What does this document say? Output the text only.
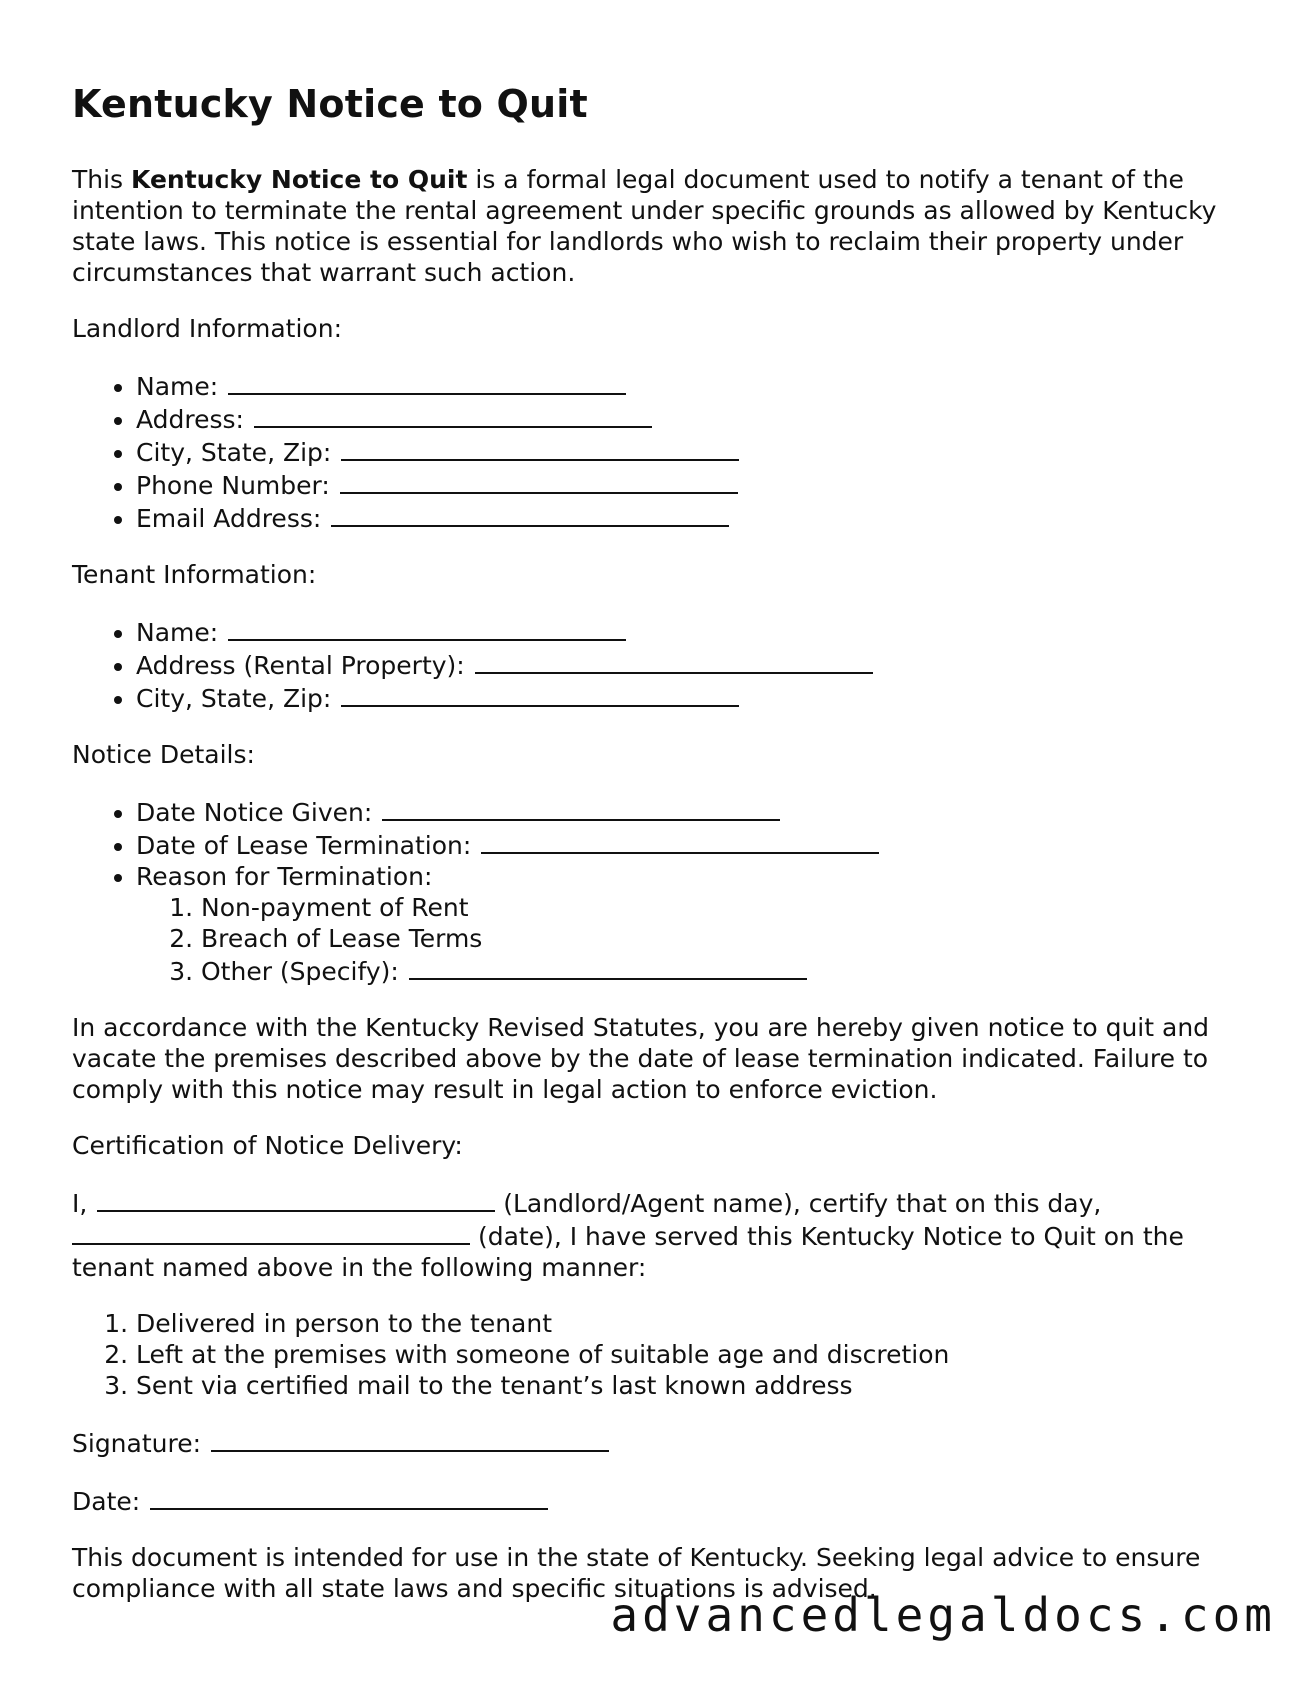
Kentucky Notice to Quit

This Kentucky Notice to Quit is a formal legal document used to notify a tenant of the intention to terminate the rental agreement under specific grounds as allowed by Kentucky state laws. This notice is essential for landlords who wish to reclaim their property under circumstances that warrant such action.

Landlord Information:
• Name:
• Address:
• City, State, Zip:
• Phone Number:
• Email Address:
Tenant Information:
• Name:
• Address (Rental Property):
• City, State, Zip:
Notice Details:
• Date Notice Given:
• Date of Lease Termination:
• Reason for Termination:
1. Non-payment of Rent
2. Breach of Lease Terms
3. Other (Specify):

In accordance with the Kentucky Revised Statutes, you are hereby given notice to quit and vacate the premises described above by the date of lease termination indicated. Failure to comply with this notice may result in legal action to enforce eviction.

Certification of Notice Delivery:

I,	(Landlord/Agent name), certify that on this day,  (date), I have served this Kentucky Notice to Quit on the tenant named above in the following manner:

1. Delivered in person to the tenant
2. Left at the premises with someone of suitable age and discretion
3. Sent via certified mail to the tenant’s last known address

Signature:

Date:

This document is intended for use in the state of Kentucky. Seeking legal advice to ensure compliance with all state laws and specific situations is advised.

advancedlegaldocs.com
